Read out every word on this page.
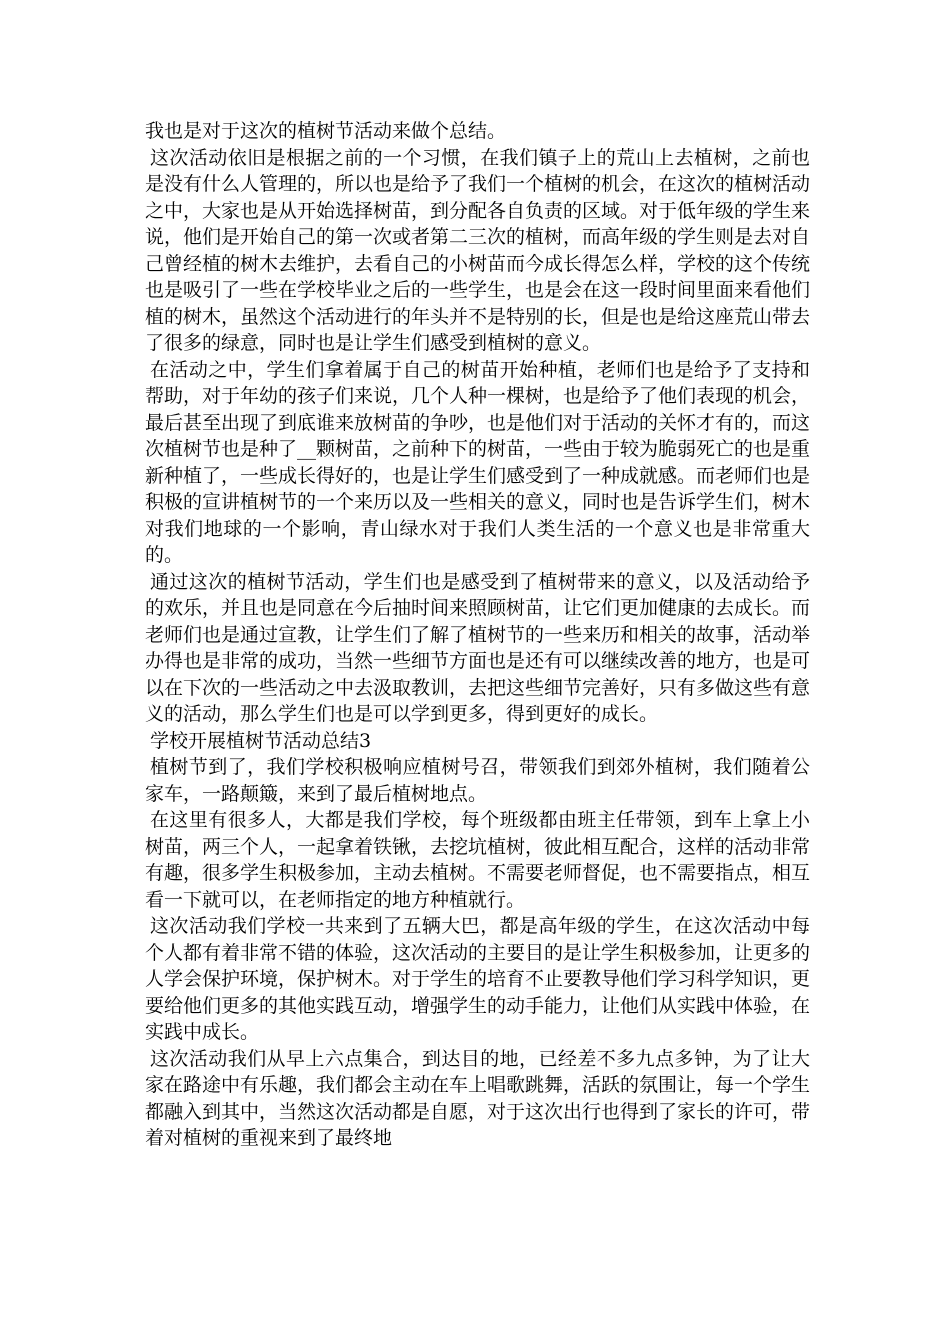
我也是对于这次的植树节活动来做个总结。

这次活动依旧是根据之前的一个习惯，在我们镇子上的荒山上去植树，之前也是没有什么人管理的，所以也是给予了我们一个植树的机会，在这次的植树活动之中，大家也是从开始选择树苗，到分配各自负责的区域。对于低年级的学生来说，他们是开始自己的第一次或者第二三次的植树，而高年级的学生则是去对自己曾经植的树木去维护，去看自己的小树苗而今成长得怎么样，学校的这个传统也是吸引了一些在学校毕业之后的一些学生，也是会在这一段时间里面来看他们植的树木，虽然这个活动进行的年头并不是特别的长，但是也是给这座荒山带去了很多的绿意，同时也是让学生们感受到植树的意义。

在活动之中，学生们拿着属于自己的树苗开始种植，老师们也是给予了支持和帮助，对于年幼的孩子们来说，几个人种一棵树，也是给予了他们表现的机会，最后甚至出现了到底谁来放树苗的争吵，也是他们对于活动的关怀才有的，而这次植树节也是种了__颗树苗，之前种下的树苗，一些由于较为脆弱死亡的也是重新种植了，一些成长得好的，也是让学生们感受到了一种成就感。而老师们也是积极的宣讲植树节的一个来历以及一些相关的意义，同时也是告诉学生们，树木对我们地球的一个影响，青山绿水对于我们人类生活的一个意义也是非常重大的。

通过这次的植树节活动，学生们也是感受到了植树带来的意义，以及活动给予的欢乐，并且也是同意在今后抽时间来照顾树苗，让它们更加健康的去成长。而老师们也是通过宣教，让学生们了解了植树节的一些来历和相关的故事，活动举办得也是非常的成功，当然一些细节方面也是还有可以继续改善的地方，也是可以在下次的一些活动之中去汲取教训，去把这些细节完善好，只有多做这些有意义的活动，那么学生们也是可以学到更多，得到更好的成长。

学校开展植树节活动总结3

植树节到了，我们学校积极响应植树号召，带领我们到郊外植树，我们随着公家车，一路颠簸，来到了最后植树地点。

在这里有很多人，大都是我们学校，每个班级都由班主任带领，到车上拿上小树苗，两三个人，一起拿着铁锹，去挖坑植树，彼此相互配合，这样的活动非常有趣，很多学生积极参加，主动去植树。不需要老师督促，也不需要指点，相互看一下就可以，在老师指定的地方种植就行。

这次活动我们学校一共来到了五辆大巴，都是高年级的学生，在这次活动中每个人都有着非常不错的体验，这次活动的主要目的是让学生积极参加，让更多的人学会保护环境，保护树木。对于学生的培育不止要教导他们学习科学知识，更要给他们更多的其他实践互动，增强学生的动手能力，让他们从实践中体验，在实践中成长。

这次活动我们从早上六点集合，到达目的地，已经差不多九点多钟，为了让大家在路途中有乐趣，我们都会主动在车上唱歌跳舞，活跃的氛围让，每一个学生都融入到其中，当然这次活动都是自愿，对于这次出行也得到了家长的许可，带着对植树的重视来到了最终地
